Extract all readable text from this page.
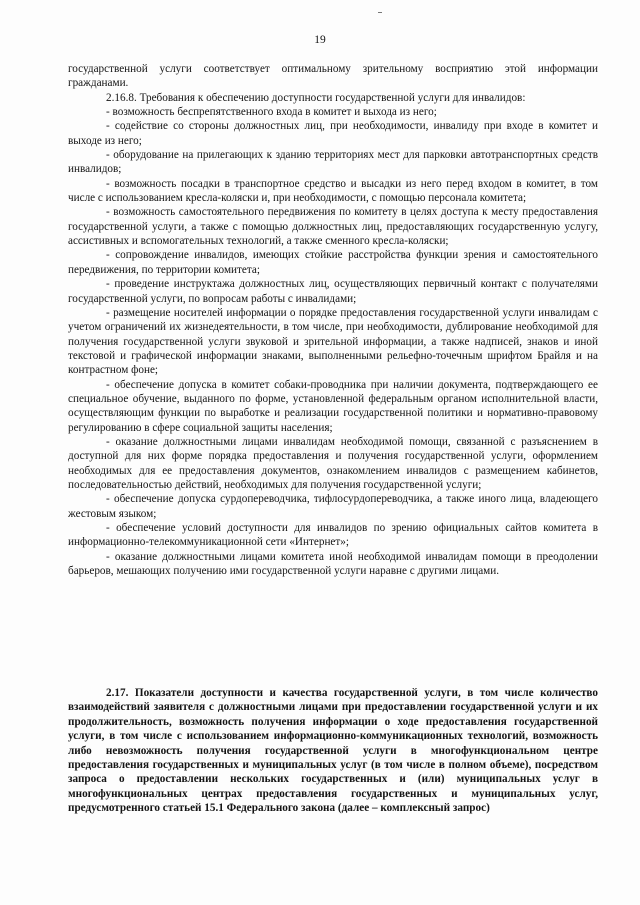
19

государственной услуги соответствует оптимальному зрительному восприятию этой информации гражданами.

2.16.8. Требования к обеспечению доступности государственной услуги для инвалидов:

- возможность беспрепятственного входа в комитет и выхода из него;

- содействие со стороны должностных лиц, при необходимости, инвалиду при входе в комитет и выходе из него;

- оборудование на прилегающих к зданию территориях мест для парковки автотранспортных средств инвалидов;

- возможность посадки в транспортное средство и высадки из него перед входом в комитет, в том числе с использованием кресла-коляски и, при необходимости, с помощью персонала комитета;

- возможность самостоятельного передвижения по комитету в целях доступа к месту предоставления государственной услуги, а также с помощью должностных лиц, предоставляющих государственную услугу, ассистивных и вспомогательных технологий, а также сменного кресла-коляски;

- сопровождение инвалидов, имеющих стойкие расстройства функции зрения и самостоятельного передвижения, по территории комитета;

- проведение инструктажа должностных лиц, осуществляющих первичный контакт с получателями государственной услуги, по вопросам работы с инвалидами;

- размещение носителей информации о порядке предоставления государственной услуги инвалидам с учетом ограничений их жизнедеятельности, в том числе, при необходимости, дублирование необходимой для получения государственной услуги звуковой и зрительной информации, а также надписей, знаков и иной текстовой и графической информации знаками, выполненными рельефно-точечным шрифтом Брайля и на контрастном фоне;

- обеспечение допуска в комитет собаки-проводника при наличии документа, подтверждающего ее специальное обучение, выданного по форме, установленной федеральным органом исполнительной власти, осуществляющим функции по выработке и реализации государственной политики и нормативно-правовому регулированию в сфере социальной защиты населения;

- оказание должностными лицами инвалидам необходимой помощи, связанной с разъяснением в доступной для них форме порядка предоставления и получения государственной услуги, оформлением необходимых для ее предоставления документов, ознакомлением инвалидов с размещением кабинетов, последовательностью действий, необходимых для получения государственной услуги;

- обеспечение допуска сурдопереводчика, тифлосурдопереводчика, а также иного лица, владеющего жестовым языком;

- обеспечение условий доступности для инвалидов по зрению официальных сайтов комитета в информационно-телекоммуникационной сети «Интернет»;

- оказание должностными лицами комитета иной необходимой инвалидам помощи в преодолении барьеров, мешающих получению ими государственной услуги наравне с другими лицами.

2.17. Показатели доступности и качества государственной услуги, в том числе количество взаимодействий заявителя с должностными лицами при предоставлении государственной услуги и их продолжительность, возможность получения информации о ходе предоставления государственной услуги, в том числе с использованием информационно-коммуникационных технологий, возможность либо невозможность получения государственной услуги в многофункциональном центре предоставления государственных и муниципальных услуг (в том числе в полном объеме), посредством запроса о предоставлении нескольких государственных и (или) муниципальных услуг в многофункциональных центрах предоставления государственных и муниципальных услуг, предусмотренного статьей 15.1 Федерального закона (далее – комплексный запрос)
